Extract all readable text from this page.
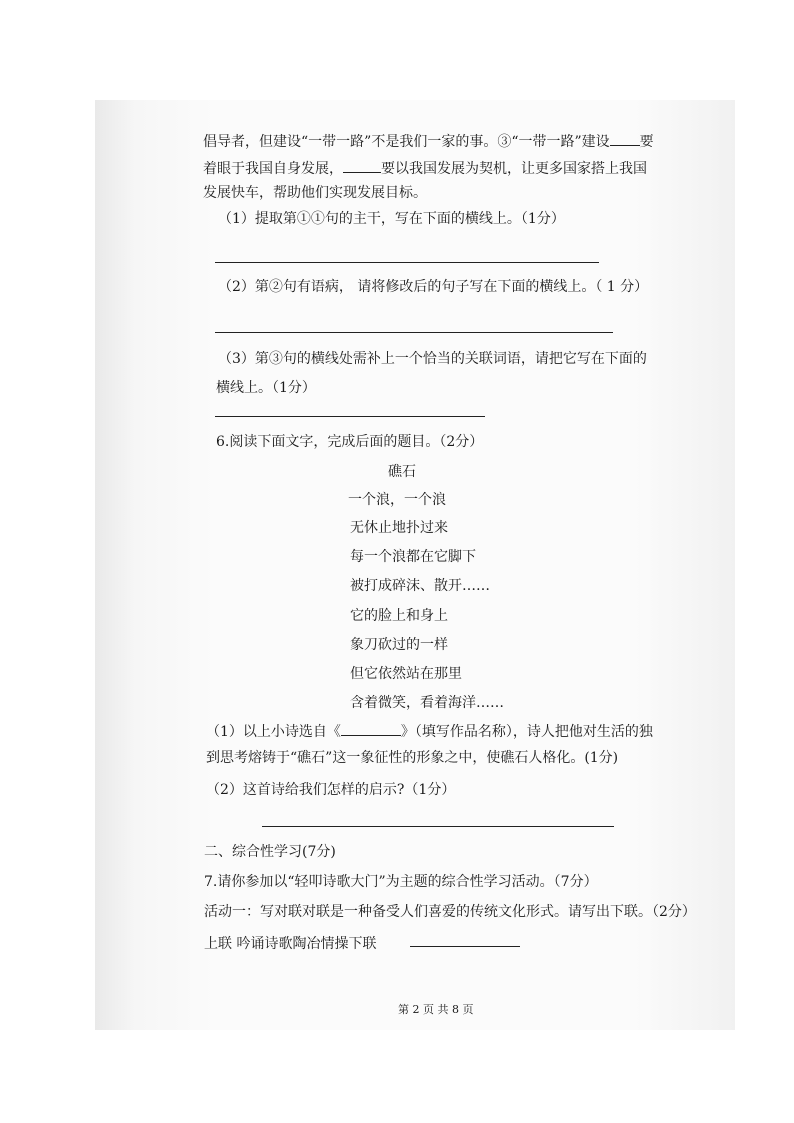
倡导者，但建设“一带一路”不是我们一家的事。③“一带一路”建设 要
着眼于我国自身发展，	要以我国发展为契机，让更多国家搭上我国
发展快车，帮助他们实现发展目标。
（1）提取第①①句的主干，写在下面的横线上。（1分）
（2）第②句有语病， 请将修改后的句子写在下面的横线上。（ 1 分）
（3）第③句的横线处需补上一个恰当的关联词语，请把它写在下面的
横线上。（1分）
6.阅读下面文字，完成后面的题目。（2分）
礁石
一个浪，一个浪
无休止地扑过来
每一个浪都在它脚下
被打成碎沫、散开……
它的脸上和身上
象刀砍过的一样
但它依然站在那里
含着微笑，看着海洋……
（1）以上小诗选自《	》（填写作品名称），诗人把他对生活的独
到思考熔铸于“礁石”这一象征性的形象之中，使礁石人格化。(1分)
（2）这首诗给我们怎样的启示?（1分）
二、综合性学习(7分)
7.请你参加以“轻叩诗歌大门”为主题的综合性学习活动。（7分）
活动一：写对联对联是一种备受人们喜爱的传统文化形式。请写出下联。（2分）
上联 吟诵诗歌陶冶情操下联
第 2 页 共 8 页
